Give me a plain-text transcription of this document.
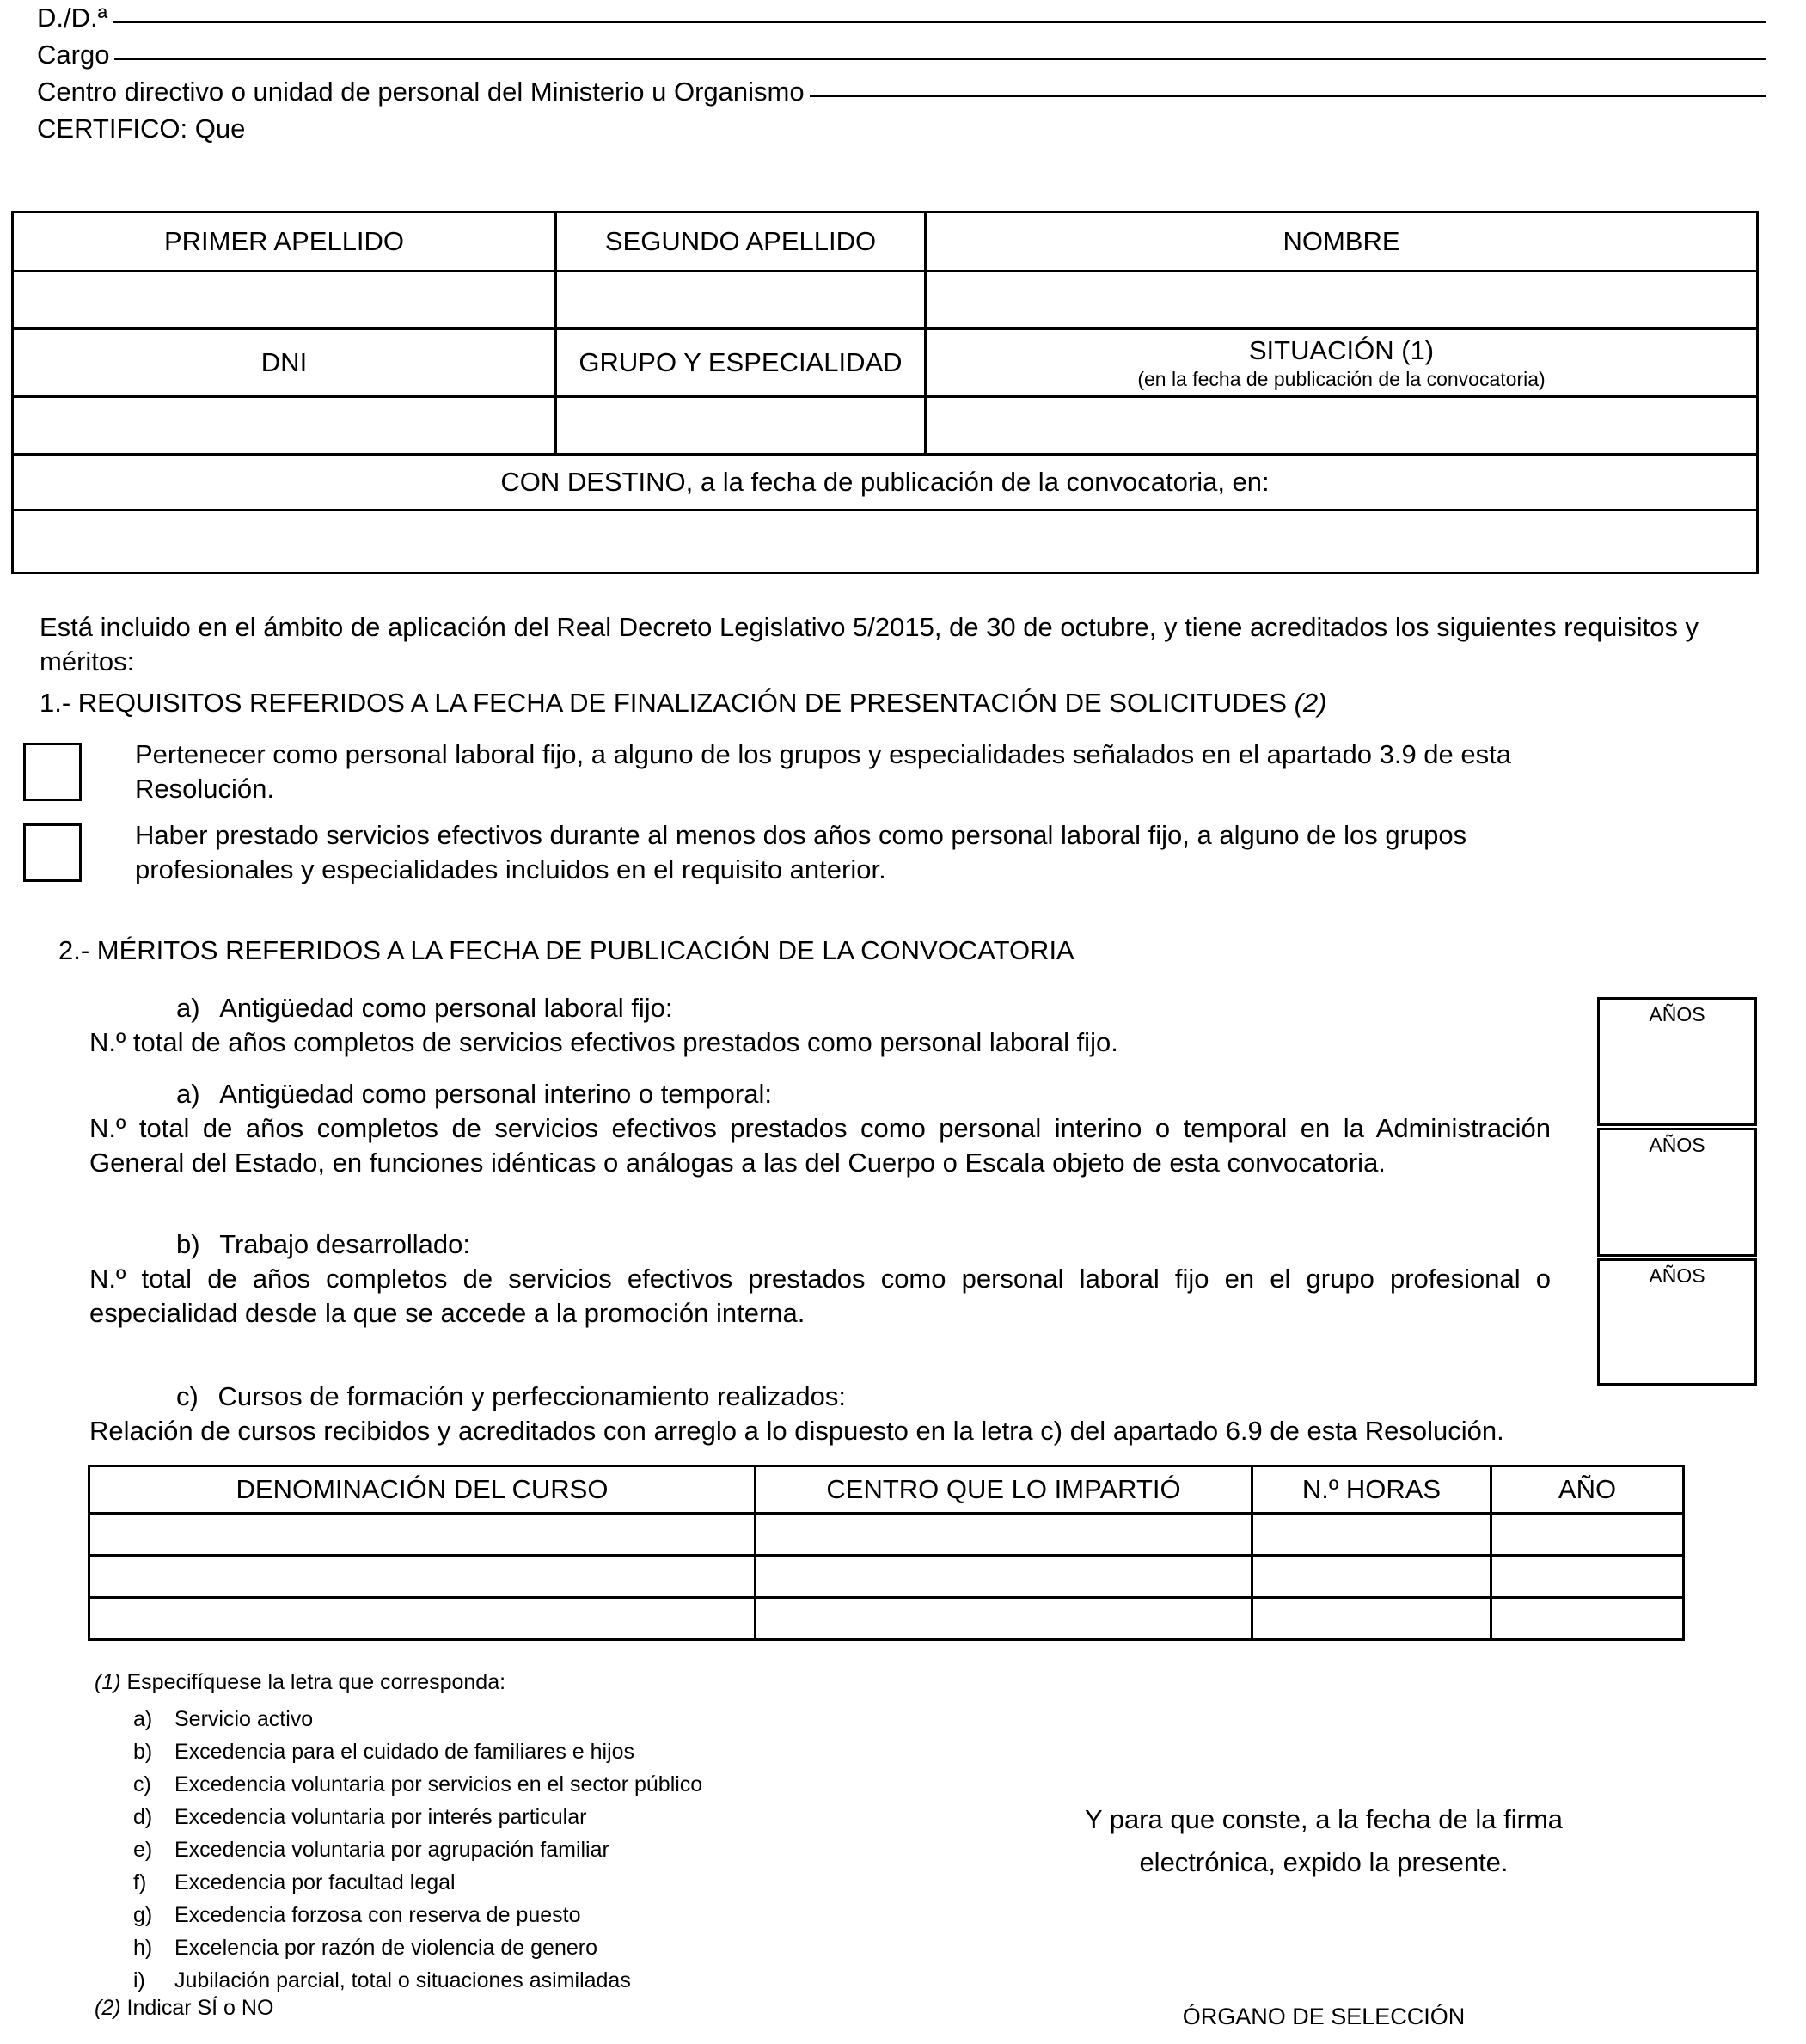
D./D.ª
Cargo
Centro directivo o unidad de personal del Ministerio u Organismo
CERTIFICO: Que
PRIMER APELLIDO	SEGUNDO APELLIDO	NOMBRE

DNI	GRUPO Y ESPECIALIDAD	SITUACIÓN (1)
(en la fecha de publicación de la convocatoria)

CON DESTINO, a la fecha de publicación de la convocatoria, en:		

Está incluido en el ámbito de aplicación del Real Decreto Legislativo 5/2015, de 30 de octubre, y tiene acreditados los siguientes requisitos y méritos:
1.- REQUISITOS REFERIDOS A LA FECHA DE FINALIZACIÓN DE PRESENTACIÓN DE SOLICITUDES (2)
Pertenecer como personal laboral fijo, a alguno de los grupos y especialidades señalados en el apartado 3.9 de esta Resolución.
Haber prestado servicios efectivos durante al menos dos años como personal laboral fijo, a alguno de los grupos profesionales y especialidades incluidos en el requisito anterior.
2.- MÉRITOS REFERIDOS A LA FECHA DE PUBLICACIÓN DE LA CONVOCATORIA
a) Antigüedad como personal laboral fijo:
N.º total de años completos de servicios efectivos prestados como personal laboral fijo.
a) Antigüedad como personal interino o temporal:
N.º total de años completos de servicios efectivos prestados como personal interino o temporal en la Administración General del Estado, en funciones idénticas o análogas a las del Cuerpo o Escala objeto de esta convocatoria.
b) Trabajo desarrollado:
N.º total de años completos de servicios efectivos prestados como personal laboral fijo en el grupo profesional o especialidad desde la que se accede a la promoción interna.
AÑOS
AÑOS
AÑOS
c) Cursos de formación y perfeccionamiento realizados:
Relación de cursos recibidos y acreditados con arreglo a lo dispuesto en la letra c) del apartado 6.9 de esta Resolución.
DENOMINACIÓN DEL CURSO	CENTRO QUE LO IMPARTIÓ	N.º HORAS	AÑO

(1) Especifíquese la letra que corresponda:
a) Servicio activo
b) Excedencia para el cuidado de familiares e hijos
c) Excedencia voluntaria por servicios en el sector público
d) Excedencia voluntaria por interés particular
e) Excedencia voluntaria por agrupación familiar
f) Excedencia por facultad legal
g) Excedencia forzosa con reserva de puesto
h) Excelencia por razón de violencia de genero
i) Jubilación parcial, total o situaciones asimiladas
(2) Indicar SÍ o NO
Y para que conste, a la fecha de la firma
electrónica, expido la presente.
ÓRGANO DE SELECCIÓN
